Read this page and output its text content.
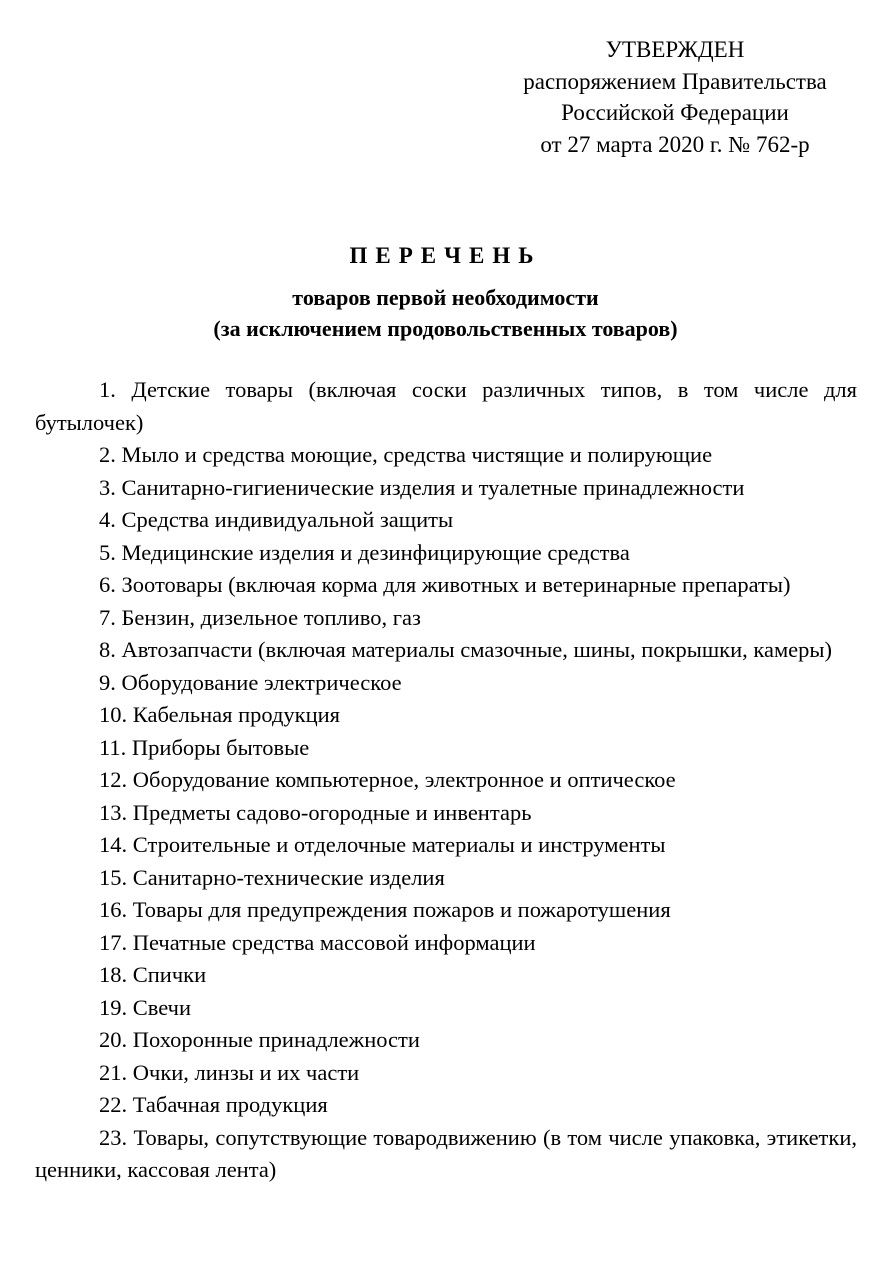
УТВЕРЖДЕН
распоряжением Правительства
Российской Федерации
от 27 марта 2020 г. № 762-р
ПЕРЕЧЕНЬ
товаров первой необходимости
(за исключением продовольственных товаров)

1. Детские товары (включая соски различных типов, в том числе для бутылочек)

2. Мыло и средства моющие, средства чистящие и полирующие

3. Санитарно-гигиенические изделия и туалетные принадлежности

4. Средства индивидуальной защиты

5. Медицинские изделия и дезинфицирующие средства

6. Зоотовары (включая корма для животных и ветеринарные препараты)

7. Бензин, дизельное топливо, газ

8. Автозапчасти (включая материалы смазочные, шины, покрышки, камеры)

9. Оборудование электрическое

10. Кабельная продукция

11. Приборы бытовые

12. Оборудование компьютерное, электронное и оптическое

13. Предметы садово-огородные и инвентарь

14. Строительные и отделочные материалы и инструменты

15. Санитарно-технические изделия

16. Товары для предупреждения пожаров и пожаротушения

17. Печатные средства массовой информации

18. Спички

19. Свечи

20. Похоронные принадлежности

21. Очки, линзы и их части

22. Табачная продукция

23. Товары, сопутствующие товародвижению (в том числе упаковка, этикетки, ценники, кассовая лента)
